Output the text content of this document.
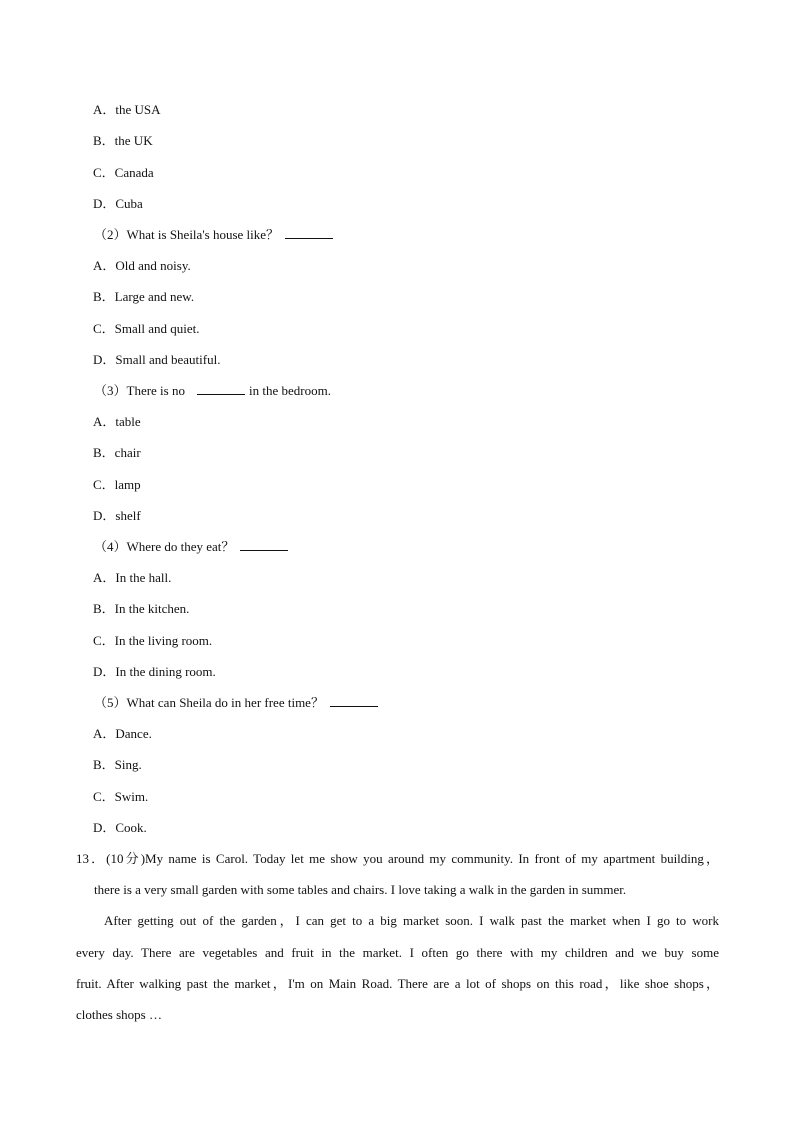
A．the USA
B．the UK
C．Canada
D．Cuba
（2）What is Sheila's house like？
A．Old and noisy.
B．Large and new.
C．Small and quiet.
D．Small and beautiful.
（3）There is no	in the bedroom.
A．table
B．chair
C．lamp
D．shelf
（4）Where do they eat？
A．In the hall.
B．In the kitchen.
C．In the living room.
D．In the dining room.
（5）What can Sheila do in her free time？
A．Dance.
B．Sing.
C．Swim.
D．Cook.
13．(10分)My name is Carol. Today let me show you around my community. In front of my apartment building，
there is a very small garden with some tables and chairs. I love taking a walk in the garden in summer.
After getting out of the garden，I can get to a big market soon. I walk past the market when I go to work
every day. There are vegetables and fruit in the market. I often go there with my children and we buy some
fruit. After walking past the market，I'm on Main Road. There are a lot of shops on this road，like shoe shops，
clothes shops …
